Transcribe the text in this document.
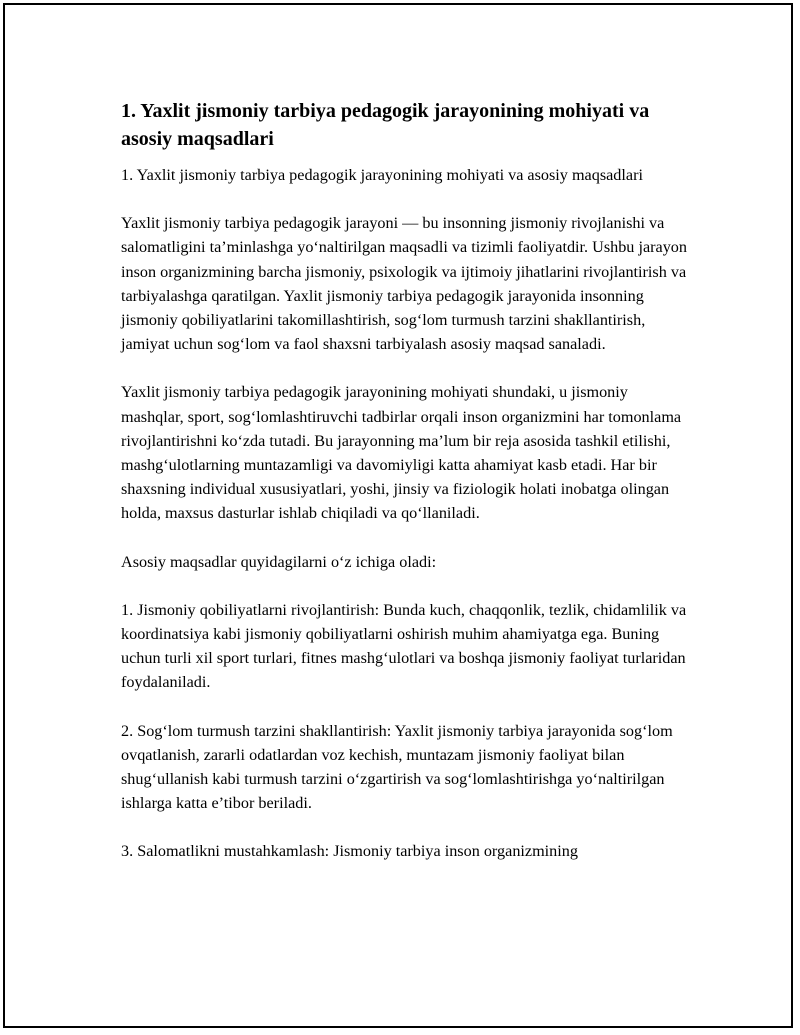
1. Yaxlit jismoniy tarbiya pedagogik jarayonining mohiyati va asosiy maqsadlari

1. Yaxlit jismoniy tarbiya pedagogik jarayonining mohiyati va asosiy maqsadlari

Yaxlit jismoniy tarbiya pedagogik jarayoni — bu insonning jismoniy rivojlanishi va salomatligini ta’minlashga yo‘naltirilgan maqsadli va tizimli faoliyatdir. Ushbu jarayon inson organizmining barcha jismoniy, psixologik va ijtimoiy jihatlarini rivojlantirish va tarbiyalashga qaratilgan. Yaxlit jismoniy tarbiya pedagogik jarayonida insonning jismoniy qobiliyatlarini takomillashtirish, sog‘lom turmush tarzini shakllantirish, jamiyat uchun sog‘lom va faol shaxsni tarbiyalash asosiy maqsad sanaladi.

Yaxlit jismoniy tarbiya pedagogik jarayonining mohiyati shundaki, u jismoniy mashqlar, sport, sog‘lomlashtiruvchi tadbirlar orqali inson organizmini har tomonlama rivojlantirishni ko‘zda tutadi. Bu jarayonning ma’lum bir reja asosida tashkil etilishi, mashg‘ulotlarning muntazamligi va davomiyligi katta ahamiyat kasb etadi. Har bir shaxsning individual xususiyatlari, yoshi, jinsiy va fiziologik holati inobatga olingan holda, maxsus dasturlar ishlab chiqiladi va qo‘llaniladi.

Asosiy maqsadlar quyidagilarni o‘z ichiga oladi:

1. Jismoniy qobiliyatlarni rivojlantirish: Bunda kuch, chaqqonlik, tezlik, chidamlilik va koordinatsiya kabi jismoniy qobiliyatlarni oshirish muhim ahamiyatga ega. Buning uchun turli xil sport turlari, fitnes mashg‘ulotlari va boshqa jismoniy faoliyat turlaridan foydalaniladi.

2. Sog‘lom turmush tarzini shakllantirish: Yaxlit jismoniy tarbiya jarayonida sog‘lom ovqatlanish, zararli odatlardan voz kechish, muntazam jismoniy faoliyat bilan shug‘ullanish kabi turmush tarzini o‘zgartirish va sog‘lomlashtirishga yo‘naltirilgan ishlarga katta e’tibor beriladi.

3. Salomatlikni mustahkamlash: Jismoniy tarbiya inson organizmining
